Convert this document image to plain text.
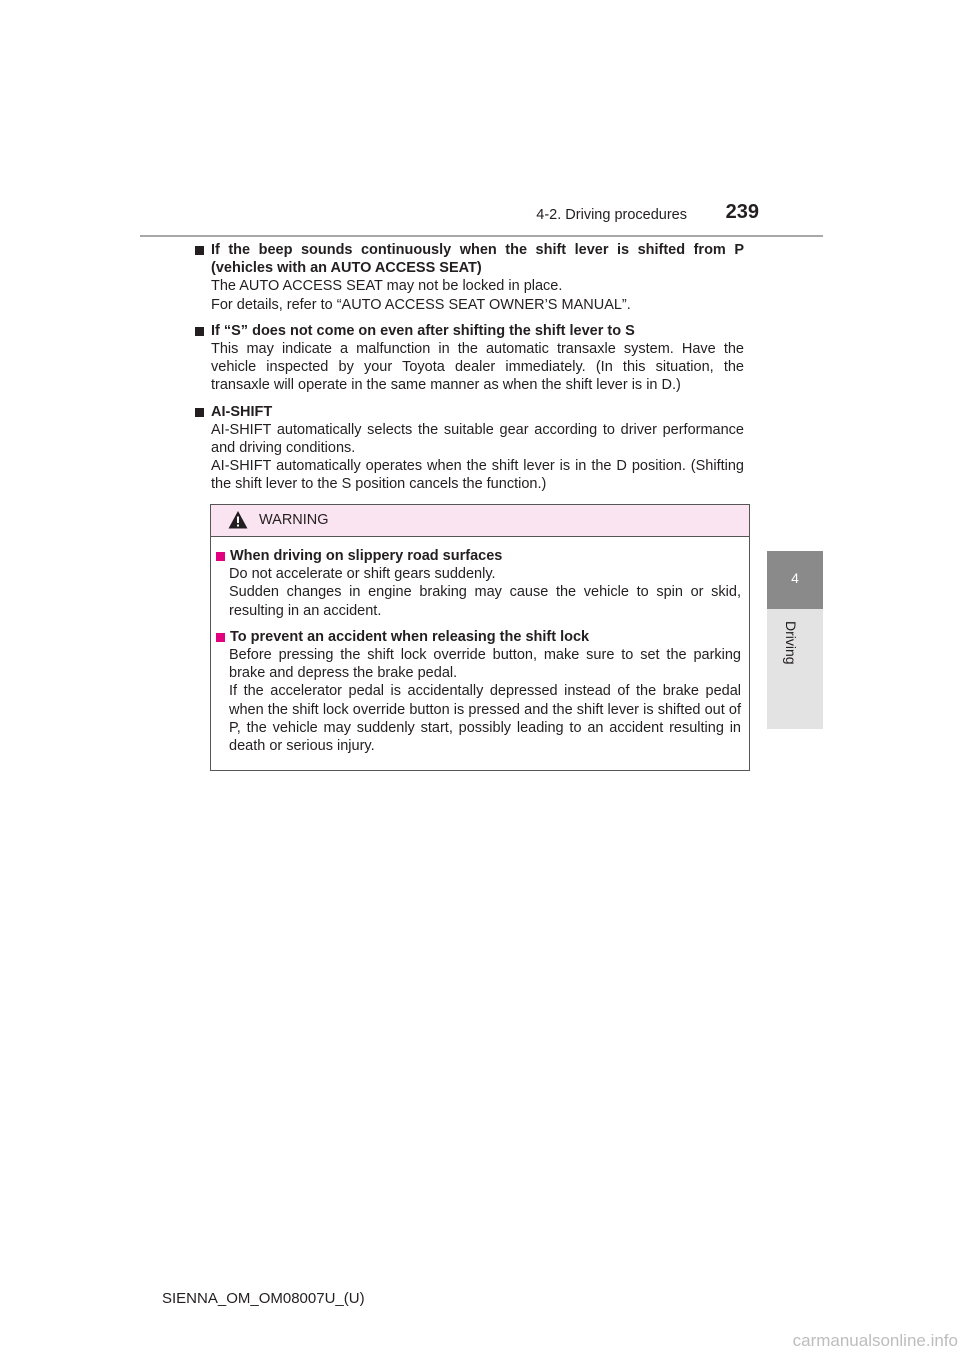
4-2. Driving procedures 239
4
Driving
If the beep sounds continuously when the shift lever is shifted from P (vehicles with an AUTO ACCESS SEAT)

The AUTO ACCESS SEAT may not be locked in place.

For details, refer to “AUTO ACCESS SEAT OWNER’S MANUAL”.

If “S” does not come on even after shifting the shift lever to S

This may indicate a malfunction in the automatic transaxle system. Have the vehicle inspected by your Toyota dealer immediately. (In this situation, the transaxle will operate in the same manner as when the shift lever is in D.)

AI-SHIFT

AI-SHIFT automatically selects the suitable gear according to driver performance and driving conditions.

AI-SHIFT automatically operates when the shift lever is in the D position. (Shifting the shift lever to the S position cancels the function.)

WARNING
When driving on slippery road surfaces

Do not accelerate or shift gears suddenly.

Sudden changes in engine braking may cause the vehicle to spin or skid, resulting in an accident.

To prevent an accident when releasing the shift lock

Before pressing the shift lock override button, make sure to set the parking brake and depress the brake pedal.

If the accelerator pedal is accidentally depressed instead of the brake pedal when the shift lock override button is pressed and the shift lever is shifted out of P, the vehicle may suddenly start, possibly leading to an accident resulting in death or serious injury.

SIENNA_OM_OM08007U_(U)
carmanualsonline.info
